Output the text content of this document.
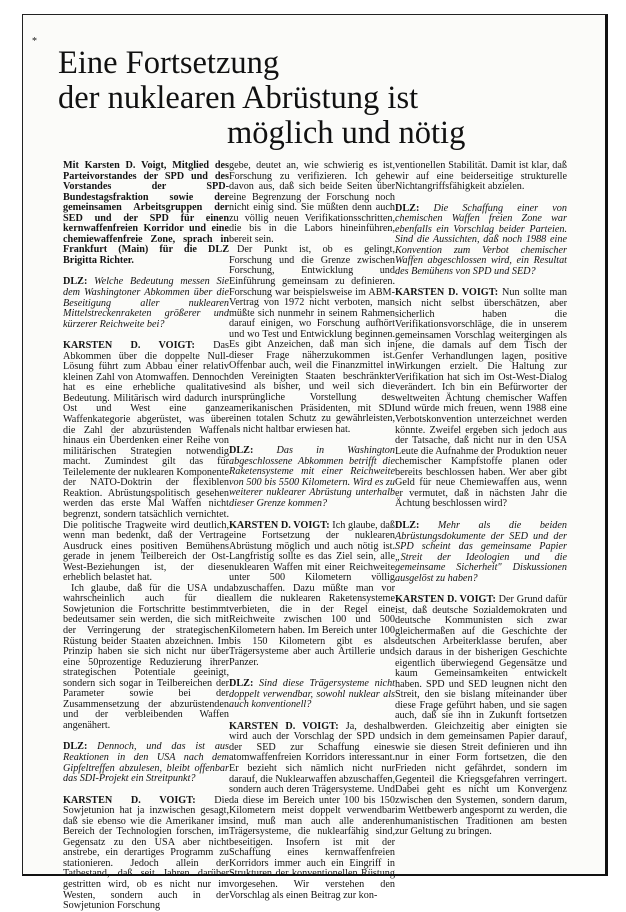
*
Eine Fortsetzung
der nuklearen Abrüstung ist
möglich und nötig

Mit Karsten D. Voigt, Mitglied des Parteivorstandes der SPD und des Vorstandes der SPD-Bundestagsfraktion sowie der gemeinsamen Arbeitsgruppen der SED und der SPD für einen kernwaffenfreien Korridor und eine chemiewaffenfreie Zone, sprach in Frankfurt (Main) für die DLZ Brigitta Richter.

DLZ: Welche Bedeutung messen Sie dem Washingtoner Abkommen über die Beseitigung aller nuklearen Mittelstreckenraketen größerer und kürzerer Reichweite bei?

KARSTEN D. VOIGT: Das Abkommen über die doppelte Null-Lösung führt zum Abbau einer relativ kleinen Zahl von Atomwaffen. Dennoch hat es eine erhebliche qualitative Bedeutung. Militärisch wird dadurch in Ost und West eine ganze Waffenkategorie abgerüstet, was über die Zahl der abzurüstenden Waffen hinaus ein Überdenken einer Reihe von militärischen Strategien notwendig macht. Zumindest gilt das für Teilelemente der nuklearen Komponente der NATO-Doktrin der flexiblen Reaktion. Abrüstungspolitisch gesehen werden das erste Mal Waffen nicht begrenzt, sondern tatsächlich vernichtet. Die politische Tragweite wird deutlich, wenn man bedenkt, daß der Vertrag Ausdruck eines positiven Bemühens gerade in jenem Teilbereich der Ost-West-Beziehungen ist, der diese erheblich belastet hat.

Ich glaube, daß für die USA und wahrscheinlich auch für die Sowjetunion die Fortschritte bestimmt bedeutsamer sein werden, die sich mit der Verringerung der strategischen Rüstung beider Staaten abzeichnen. Im Prinzip haben sie sich nicht nur über eine 50prozentige Reduzierung ihrer strategischen Potentiale geeinigt, sondern sich sogar in Teilbereichen der Parameter sowie bei der Zusammensetzung der abzurüstenden und der verbleibenden Waffen angenähert.

DLZ: Dennoch, und das ist aus Reaktionen in den USA nach dem Gipfeltreffen abzulesen, bleibt offenbar das SDI-Projekt ein Streitpunkt?

KARSTEN D. VOIGT: Die Sowjetunion hat ja inzwischen gesagt, daß sie ebenso wie die Amerikaner im Bereich der Technologien forschen, im Gegensatz zu den USA aber nicht anstrebe, ein derartiges Programm zu stationieren. Jedoch allein der Tatbestand, daß seit Jahren darüber gestritten wird, ob es nicht nur im Westen, sondern auch in der Sowjetunion Forschung

gebe, deutet an, wie schwierig es ist, Forschung zu verifizieren. Ich gehe davon aus, daß sich beide Seiten über eine Begrenzung der Forschung noch nicht einig sind. Sie müßten denn auch zu völlig neuen Verifikationsschritten, die bis in die Labors hineinführen, bereit sein.

Der Punkt ist, ob es gelingt, Forschung und die Grenze zwischen Forschung, Entwicklung und Einführung gemeinsam zu definieren. Forschung war beispielsweise im ABM-Vertrag von 1972 nicht verboten, man müßte sich nunmehr in seinem Rahmen darauf einigen, wo Forschung aufhört und wo Test und Entwicklung beginnen. Es gibt Anzeichen, daß man sich in dieser Frage näherzukommen ist. Offenbar auch, weil die Finanzmittel in den Vereinigten Staaten beschränkter sind als bisher, und weil sich die ursprüngliche Vorstellung des amerikanischen Präsidenten, mit SDI einen totalen Schutz zu gewährleisten, als nicht haltbar erwiesen hat.

DLZ: Das in Washington abgeschlossene Abkommen betrifft die Raketensysteme mit einer Reichweite von 500 bis 5500 Kilometern. Wird es zu weiterer nuklearer Abrüstung unterhalb dieser Grenze kommen?

KARSTEN D. VOIGT: Ich glaube, daß eine Fortsetzung der nuklearen Abrüstung möglich und auch nötig ist. Langfristig sollte es das Ziel sein, alle nuklearen Waffen mit einer Reichweite unter 500 Kilometern völlig abzuschaffen. Dazu müßte man vor allem die nuklearen Raketensysteme verbieten, die in der Regel eine Reichweite zwischen 100 und 500 Kilometern haben. Im Bereich unter 100 bis 150 Kilometern gibt es als Trägersysteme aber auch Artillerie und Panzer.

DLZ: Sind diese Trägersysteme nicht doppelt verwendbar, sowohl nuklear als auch konventionell?

KARSTEN D. VOIGT: Ja, deshalb wird auch der Vorschlag der SPD und der SED zur Schaffung eines atomwaffenfreien Korridors interessant. Er bezieht sich nämlich nicht nur darauf, die Nuklearwaffen abzuschaffen, sondern auch deren Trägersysteme. Und da diese im Bereich unter 100 bis 150 Kilometern meist doppelt verwendbar sind, muß man auch alle anderen Trägersysteme, die nuklearfähig sind, beseitigen. Insofern ist mit der Schaffung eines kernwaffenfreien Korridors immer auch ein Eingriff in Strukturen der konventionellen Rüstung vorgesehen. Wir verstehen den Vorschlag als einen Beitrag zur kon-

ventionellen Stabilität. Damit ist klar, daß wir auf eine beiderseitige strukturelle Nichtangriffsfähigkeit abzielen.

DLZ: Die Schaffung einer von chemischen Waffen freien Zone war ebenfalls ein Vorschlag beider Parteien. Sind die Aussichten, daß noch 1988 eine Konvention zum Verbot chemischer Waffen abgeschlossen wird, ein Resultat des Bemühens von SPD und SED?

KARSTEN D. VOIGT: Nun sollte man sich nicht selbst überschätzen, aber sicherlich haben die Verifikationsvorschläge, die in unserem gemeinsamen Vorschlag weitergingen als jene, die damals auf dem Tisch der Genfer Verhandlungen lagen, positive Wirkungen erzielt. Die Haltung zur Verifikation hat sich im Ost-West-Dialog verändert. Ich bin ein Befürworter der weltweiten Ächtung chemischer Waffen und würde mich freuen, wenn 1988 eine Verbotskonvention unterzeichnet werden könnte. Zweifel ergeben sich jedoch aus der Tatsache, daß nicht nur in den USA Leute die Aufnahme der Produktion neuer chemischer Kampfstoffe planen oder bereits beschlossen haben. Wer aber gibt Geld für neue Chemiewaffen aus, wenn er vermutet, daß in nächsten Jahr die Ächtung beschlossen wird?

DLZ: Mehr als die beiden Abrüstungsdokumente der SED und der SPD scheint das gemeinsame Papier „Streit der Ideologien und die gemeinsame Sicherheit" Diskussionen ausgelöst zu haben?

KARSTEN D. VOIGT: Der Grund dafür ist, daß deutsche Sozialdemokraten und deutsche Kommunisten sich zwar gleichermaßen auf die Geschichte der deutschen Arbeiterklasse berufen, aber sich daraus in der bisherigen Geschichte eigentlich überwiegend Gegensätze und kaum Gemeinsamkeiten entwickelt haben. SPD und SED leugnen nicht den Streit, den sie bislang miteinander über diese Frage geführt haben, und sie sagen auch, daß sie ihn in Zukunft fortsetzen werden. Gleichzeitig aber einigten sie sich in dem gemeinsamen Papier darauf, wie sie diesen Streit definieren und ihn nur in einer Form fortsetzen, die den Frieden nicht gefährdet, sondern im Gegenteil die Kriegsgefahren verringert. Dabei geht es nicht um Konvergenz zwischen den Systemen, sondern darum, im Wettbewerb angespornt zu werden, die humanistischen Traditionen am besten zur Geltung zu bringen.
